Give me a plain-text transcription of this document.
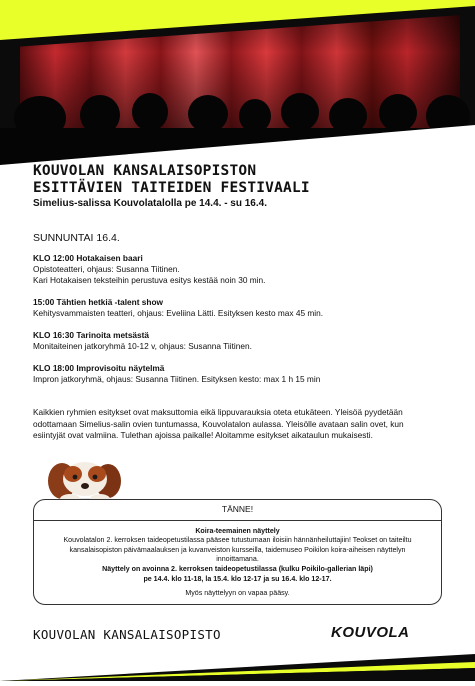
KOUVOLAN KANSALAISOPISTON
ESITTÄVIEN TAITEIDEN FESTIVAALI
Simelius-salissa Kouvolatalolla pe 14.4. - su 16.4.
SUNNUNTAI 16.4.
KLO 12:00 Hotakaisen baari
Opistoteatteri, ohjaus: Susanna Tiitinen.
Kari Hotakaisen teksteihin perustuva esitys kestää noin 30 min.
15:00 Tähtien hetkiä -talent show
Kehitysvammaisten teatteri, ohjaus: Eveliina Lätti. Esityksen kesto max 45 min.
KLO 16:30 Tarinoita metsästä
Monitaiteinen jatkoryhmä 10-12 v, ohjaus: Susanna Tiitinen.
KLO 18:00 Improvisoitu näytelmä
Impron jatkoryhmä, ohjaus: Susanna Tiitinen. Esityksen kesto: max 1 h 15 min
Kaikkien ryhmien esitykset ovat maksuttomia eikä lippuvarauksia oteta etukäteen. Yleisöä pyydetään
odottamaan Simelius-salin ovien tuntumassa, Kouvolatalon aulassa. Yleisölle avataan salin ovet, kun
esiintyjät ovat valmiina. Tulethan ajoissa paikalle! Aloitamme esitykset aikataulun mukaisesti.
TÄNNE!

Koira-teemainen näyttely

Kouvolatalon 2. kerroksen taideopetustilassa pääsee tutustumaan iloisiin hännänheiluttajiin! Teokset on taiteiltu

kansalaisopiston päivämaalauksen ja kuvanveiston kursseilla, taidemuseo Poikilon koira-aiheisen näyttelyn

innoittamana.

Näyttely on avoinna 2. kerroksen taideopetustilassa (kulku Poikilo-gallerian läpi)

pe 14.4. klo 11-18, la 15.4. klo 12-17 ja su 16.4. klo 12-17.

Myös näyttelyyn on vapaa pääsy.

KOUVOLAN KANSALAISOPISTO	KOUVOLA
